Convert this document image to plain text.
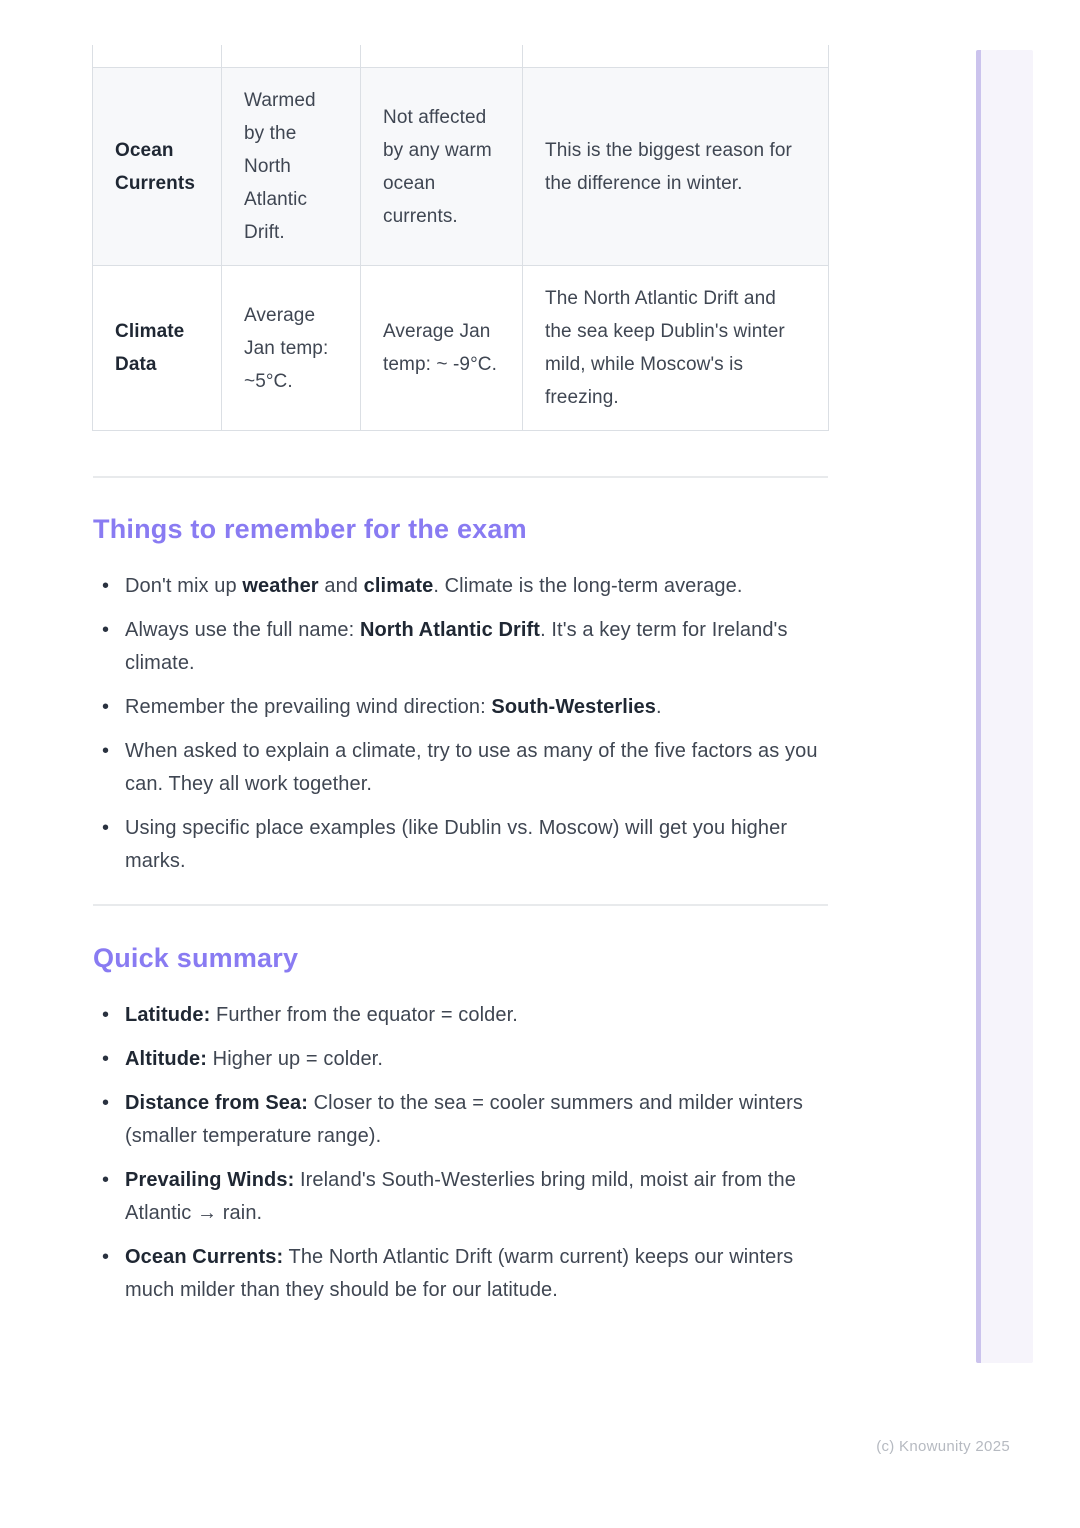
Ocean Currents	Warmed by the North Atlantic Drift.	Not affected by any warm ocean currents.	This is the biggest reason for the difference in winter.
Climate Data	Average Jan temp: ~5°C.	Average Jan temp: ~ -9°C.	The North Atlantic Drift and the sea keep Dublin's winter mild, while Moscow's is freezing.
Things to remember for the exam
• Don't mix up weather and climate. Climate is the long-term average.
• Always use the full name: North Atlantic Drift. It's a key term for Ireland's climate.
• Remember the prevailing wind direction: South-Westerlies.
• When asked to explain a climate, try to use as many of the five factors as you can. They all work together.
• Using specific place examples (like Dublin vs. Moscow) will get you higher marks.
Quick summary
• Latitude: Further from the equator = colder.
• Altitude: Higher up = colder.
• Distance from Sea: Closer to the sea = cooler summers and milder winters (smaller temperature range).
• Prevailing Winds: Ireland's South-Westerlies bring mild, moist air from the Atlantic → rain.
• Ocean Currents: The North Atlantic Drift (warm current) keeps our winters much milder than they should be for our latitude.
(c) Knowunity 2025
